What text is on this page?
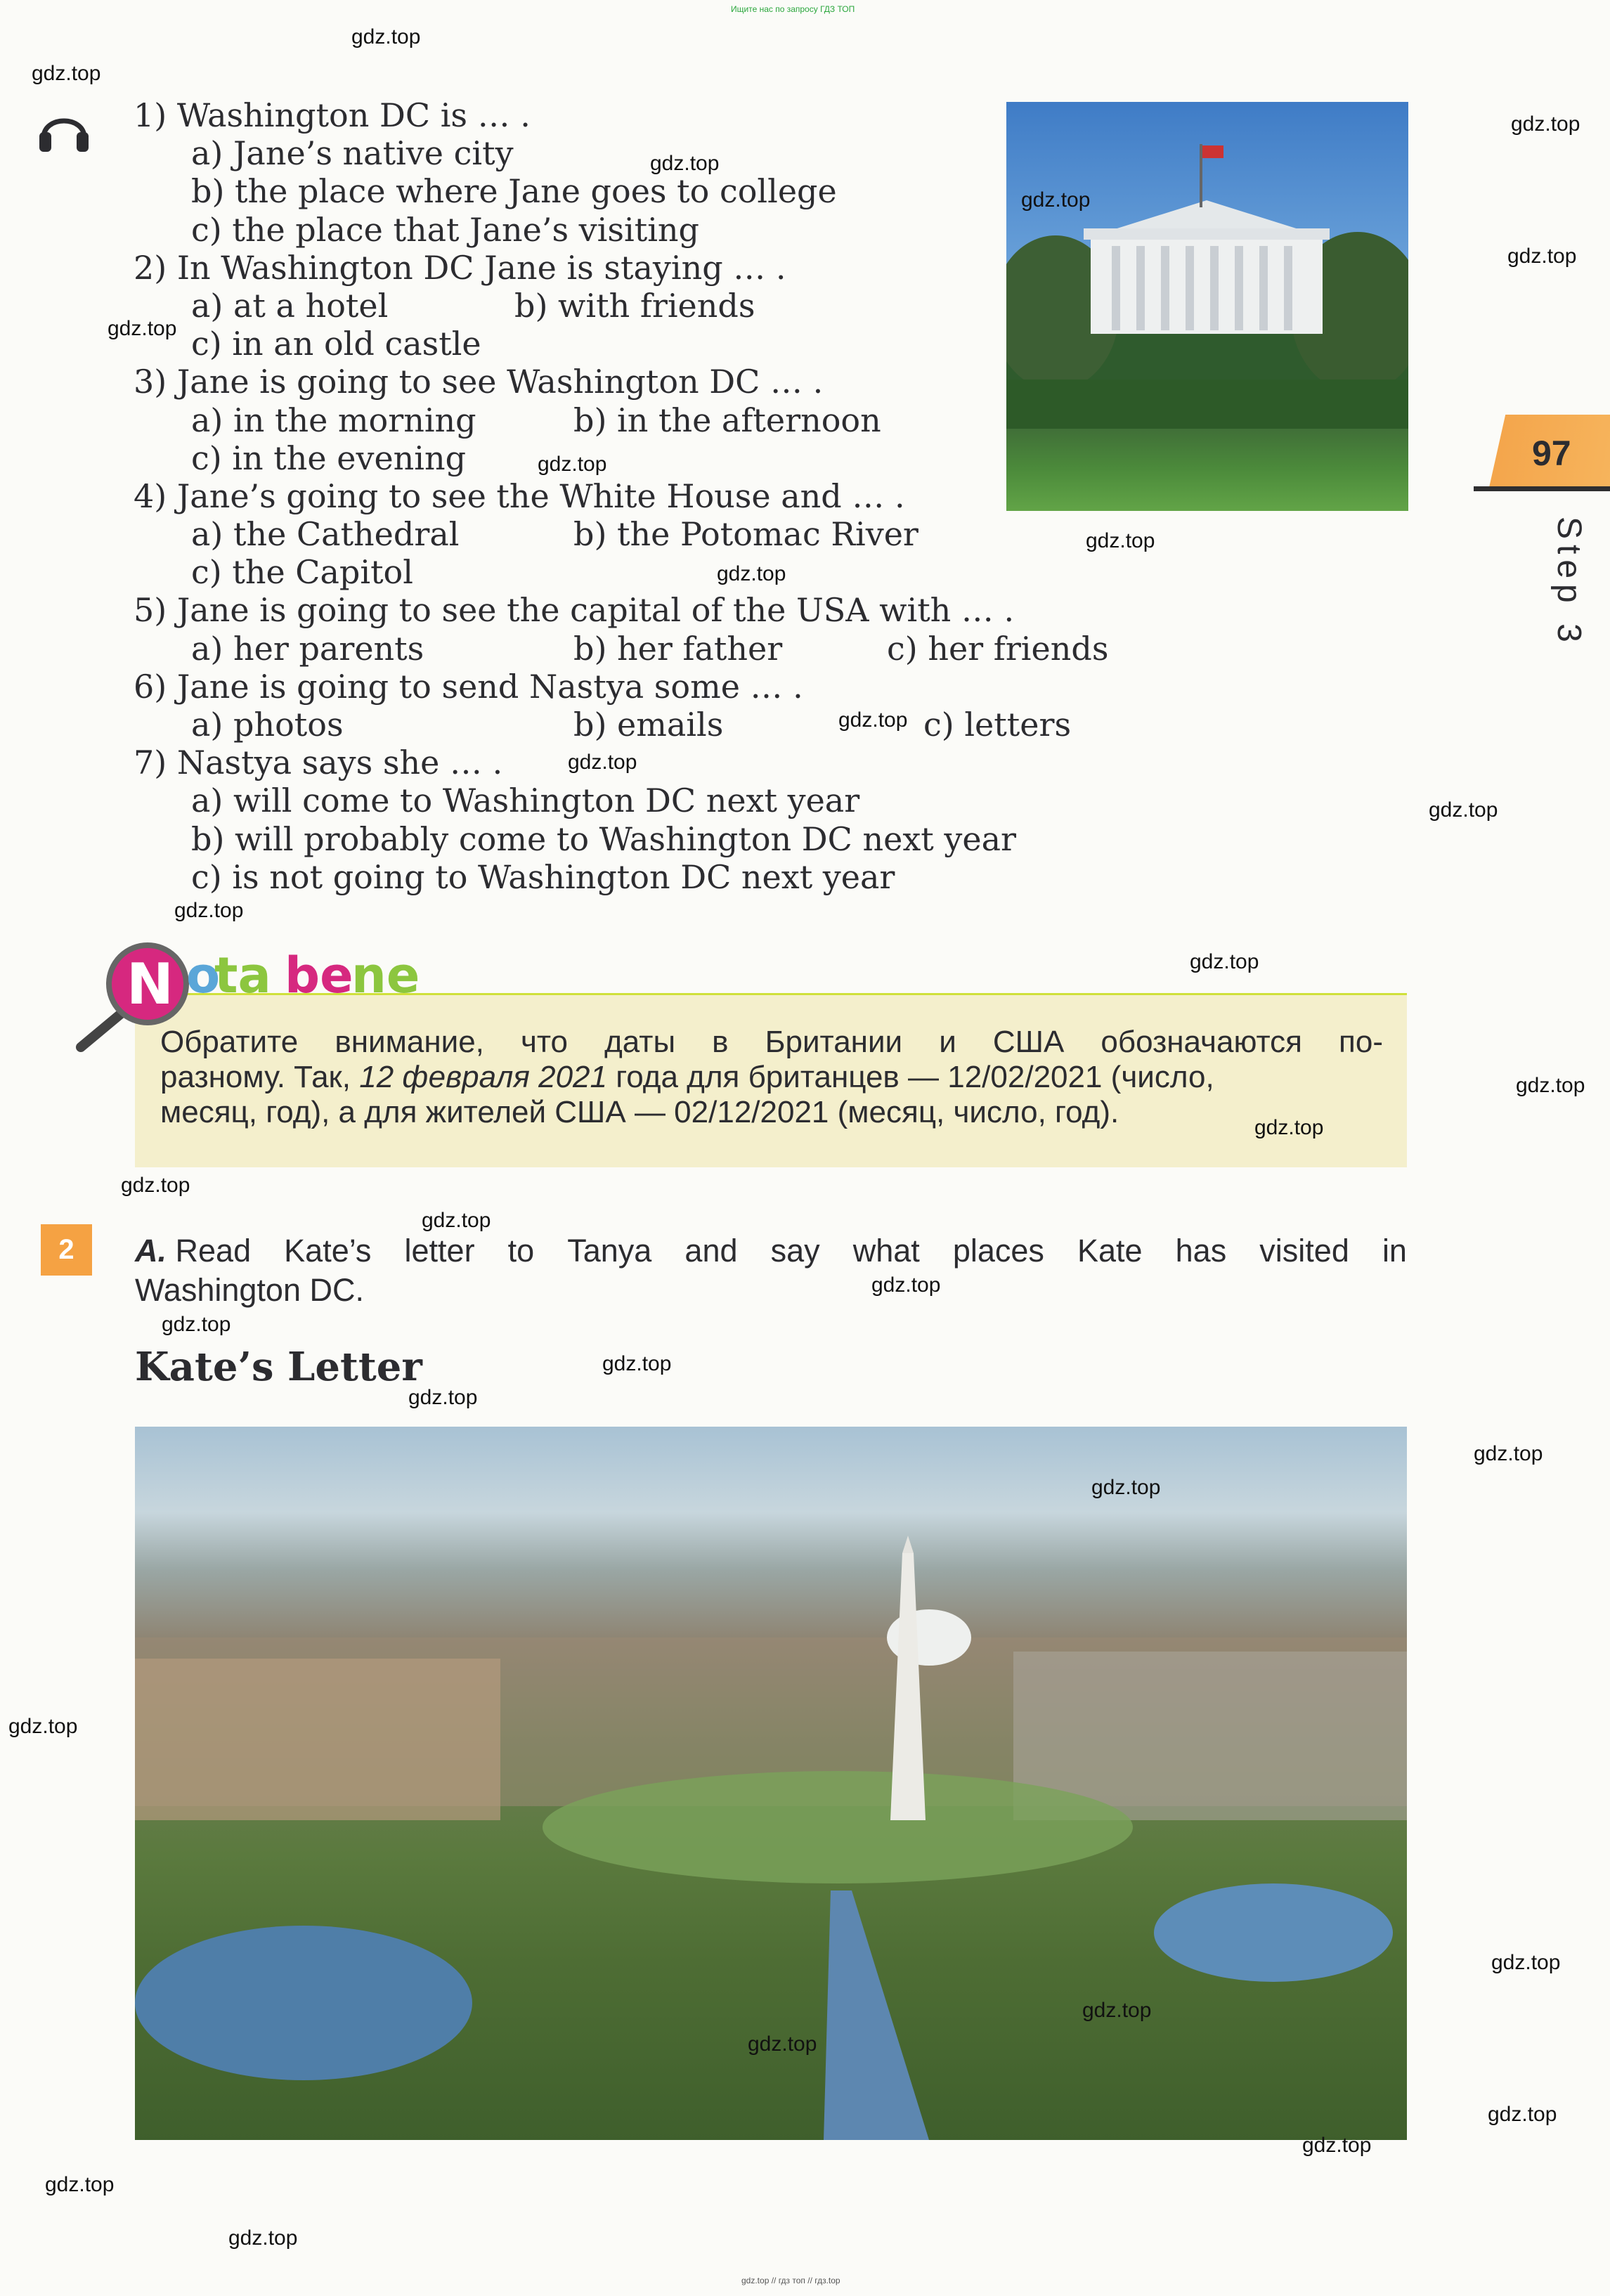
Ищите нас по запросу ГДЗ ТОП
1) Washington DC is … .
a) Jane’s native city
b) the place where Jane goes to college
c) the place that Jane’s visiting
2) In Washington DC Jane is staying … .
a) at a hotel	b) with friends
c) in an old castle
3) Jane is going to see Washington DC … .
a) in the morning	b) in the afternoon
c) in the evening
4) Jane’s going to see the White House and … .
a) the Cathedral	b) the Potomac River
c) the Capitol
5) Jane is going to see the capital of the USA with … .
a) her parents	b) her father	c) her friends
6) Jane is going to send Nastya some … .
a) photos	b) emails	c) letters
7) Nastya says she … .
a) will come to Washington DC next year
b) will probably come to Washington DC next year
c) is not going to Washington DC next year
97
Step 3
N o
ta be
ne
Nota bene
Обратите внимание, что даты в Британии и США обозначаются по-
разному. Так, 12 февраля 2021 года для британцев — 12/02/2021 (число,
месяц, год), а для жителей США — 02/12/2021 (месяц, число, год).
2	A. Read Kate’s letter to Tanya and say what places Kate has visited in
Washington DC.
Kate’s Letter
gdz.top
gdz.top
gdz.top
gdz.top
gdz.top
gdz.top
gdz.top
gdz.top
gdz.top
gdz.top
gdz.top
gdz.top
gdz.top
gdz.top
gdz.top
gdz.top
gdz.top
gdz.top
gdz.top
gdz.top
gdz.top
gdz.top
gdz.top
gdz.top
gdz.top
gdz.top
gdz.top
gdz.top
gdz.top
gdz.top
gdz.top
gdz.top
gdz.top
gdz.top // гдз топ // гдз.top
